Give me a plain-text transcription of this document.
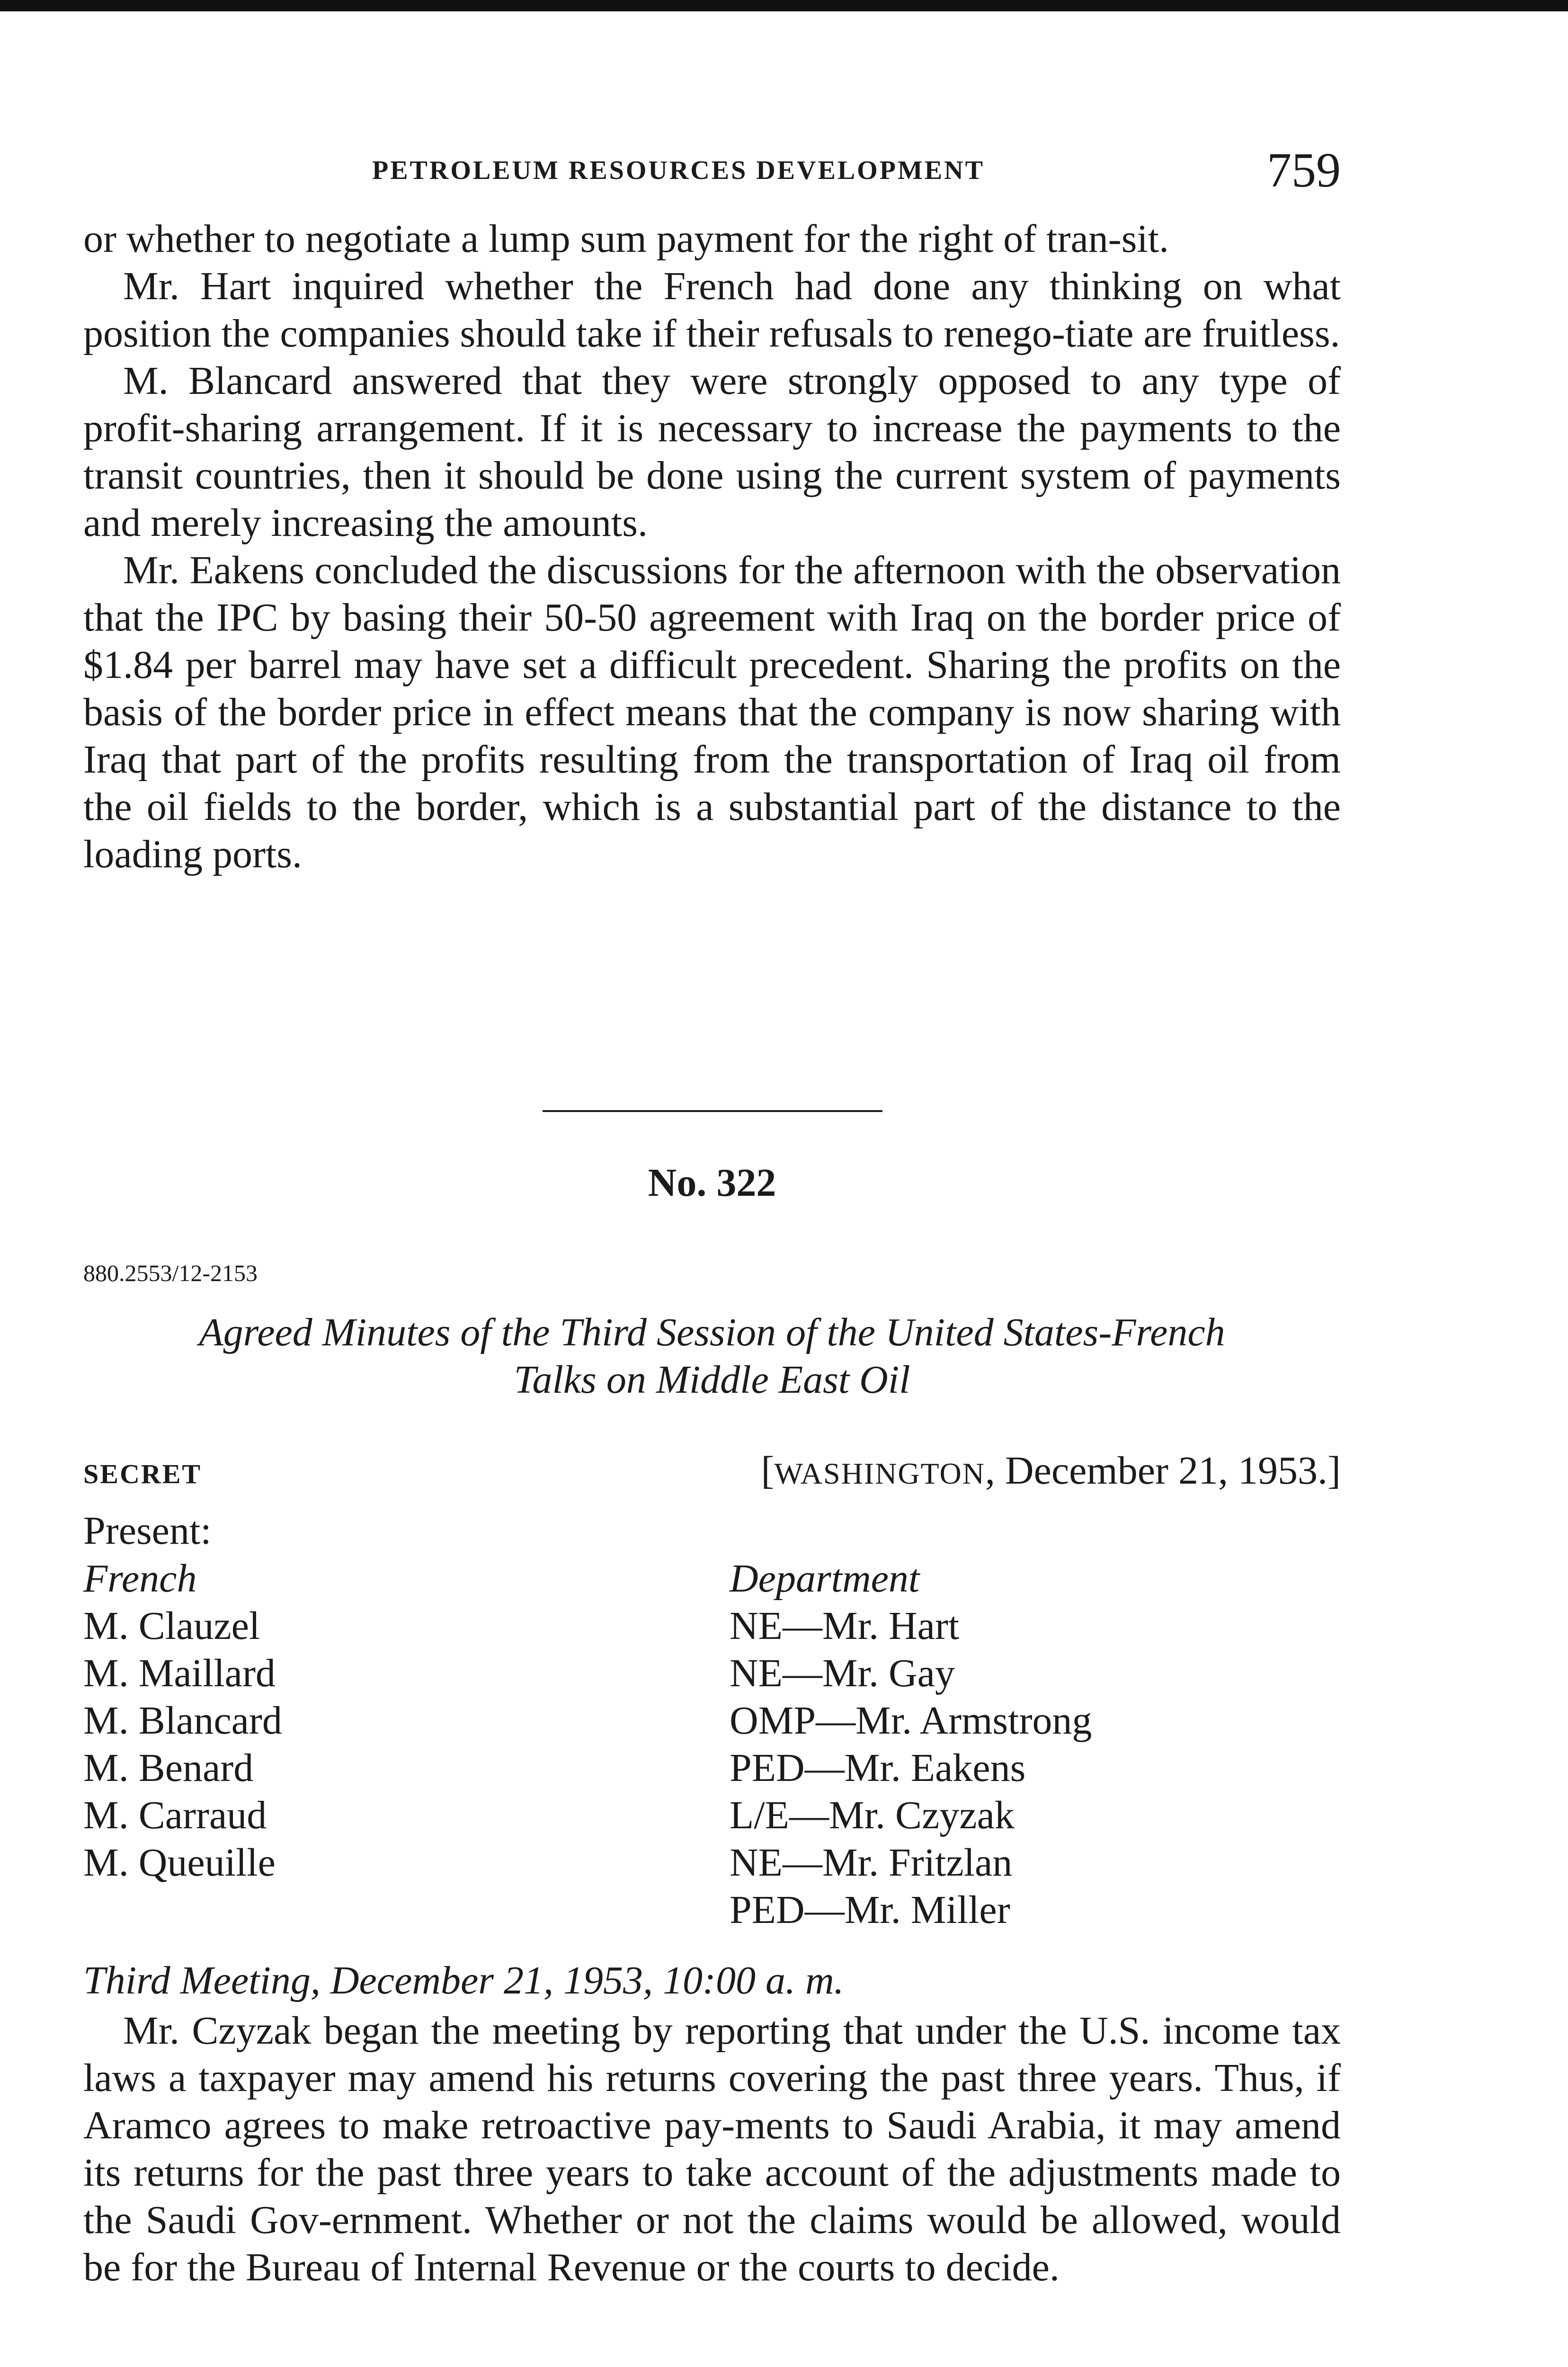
PETROLEUM RESOURCES DEVELOPMENT	759

or whether to negotiate a lump sum payment for the right of tran-sit.

Mr. Hart inquired whether the French had done any thinking on what position the companies should take if their refusals to renego-tiate are fruitless.

M. Blancard answered that they were strongly opposed to any type of profit-sharing arrangement. If it is necessary to increase the payments to the transit countries, then it should be done using the current system of payments and merely increasing the amounts.

Mr. Eakens concluded the discussions for the afternoon with the observation that the IPC by basing their 50-50 agreement with Iraq on the border price of $1.84 per barrel may have set a difficult precedent. Sharing the profits on the basis of the border price in effect means that the company is now sharing with Iraq that part of the profits resulting from the transportation of Iraq oil from the oil fields to the border, which is a substantial part of the distance to the loading ports.

No. 322
880.2553/12-2153
Agreed Minutes of the Third Session of the United States-French
Talks on Middle East Oil
SECRET	[WASHINGTON, December 21, 1953.]
Present:
French
M. Clauzel
M. Maillard
M. Blancard
M. Benard
M. Carraud
M. Queuille
Department
NE—Mr. Hart
NE—Mr. Gay
OMP—Mr. Armstrong
PED—Mr. Eakens
L/E—Mr. Czyzak
NE—Mr. Fritzlan
PED—Mr. Miller
Third Meeting, December 21, 1953, 10:00 a. m.

Mr. Czyzak began the meeting by reporting that under the U.S. income tax laws a taxpayer may amend his returns covering the past three years. Thus, if Aramco agrees to make retroactive pay-ments to Saudi Arabia, it may amend its returns for the past three years to take account of the adjustments made to the Saudi Gov-ernment. Whether or not the claims would be allowed, would be for the Bureau of Internal Revenue or the courts to decide.
